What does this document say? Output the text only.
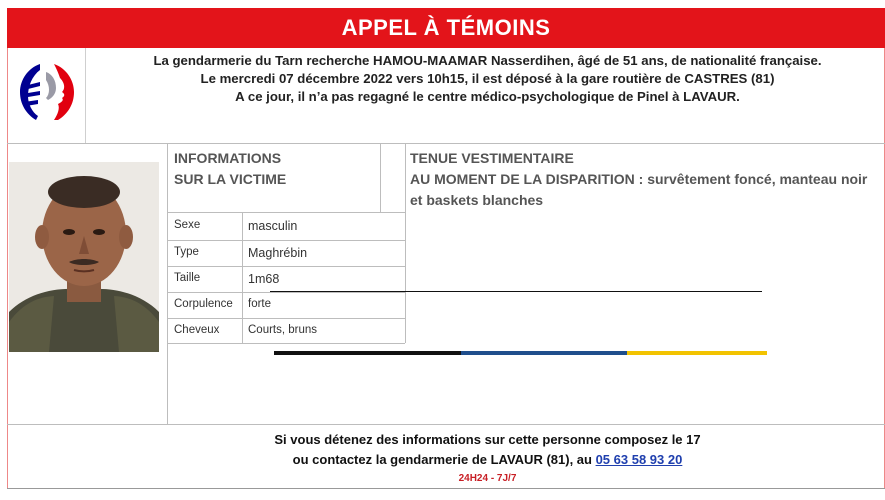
APPEL À TÉMOINS
La gendarmerie du Tarn recherche HAMOU-MAAMAR Nasserdihen, âgé de 51 ans, de nationalité française.
Le mercredi 07 décembre 2022 vers 10h15, il est déposé à la gare routière de CASTRES (81)
A ce jour, il n’a pas regagné le centre médico-psychologique de Pinel à LAVAUR.
INFORMATIONS
SUR LA VICTIME
TENUE VESTIMENTAIRE
AU MOMENT DE LA DISPARITION : survêtement foncé, manteau noir
et baskets blanches
Sexe	masculin
Type	Maghrébin
Taille	1m68
Corpulence forte
Cheveux Courts, bruns
Si vous détenez des informations sur cette personne composez le 17
ou contactez la gendarmerie de LAVAUR (81), au 05 63 58 93 20
24H24 - 7J/7
